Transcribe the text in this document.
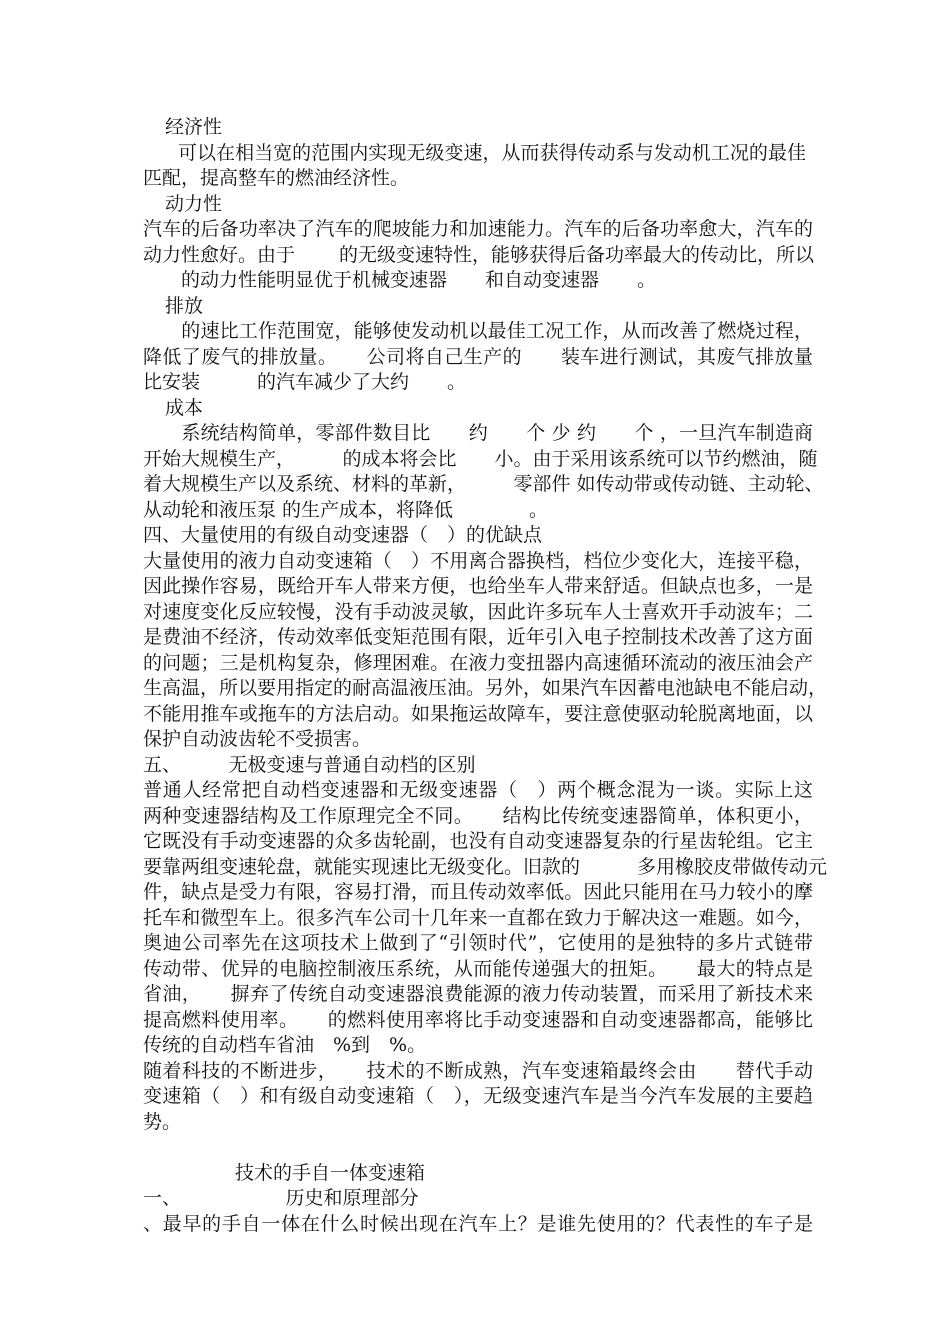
经济性
可以在相当宽的范围内实现无级变速，从而获得传动系与发动机工况的最佳
匹配，提高整车的燃油经济性。
动力性
汽车的后备功率决了汽车的爬坡能力和加速能力。汽车的后备功率愈大，汽车的
动力性愈好。由于 　　的无级变速特性，能够获得后备功率最大的传动比，所以
　　的动力性能明显优于机械变速器　　和自动变速器　　。
排放
　　的速比工作范围宽，能够使发动机以最佳工况工作，从而改善了燃烧过程，
降低了废气的排放量。　　公司将自己生产的　　装车进行测试，其废气排放量
比安装　　　的汽车减少了大约　　。
成本
　　系统结构简单，零部件数目比　　约　　个 少 约　　个 ，一旦汽车制造商
开始大规模生产，　　　的成本将会比　　小。由于采用该系统可以节约燃油，随
着大规模生产以及系统、材料的革新，　　　零部件 如传动带或传动链、主动轮、
从动轮和液压泵 的生产成本，将降低　　　　。
四、大量使用的有级自动变速器（　）的优缺点
大量使用的液力自动变速箱（　）不用离合器换档，档位少变化大，连接平稳，
因此操作容易，既给开车人带来方便，也给坐车人带来舒适。但缺点也多，一是
对速度变化反应较慢，没有手动波灵敏，因此许多玩车人士喜欢开手动波车；二
是费油不经济，传动效率低变矩范围有限，近年引入电子控制技术改善了这方面
的问题；三是机构复杂，修理困难。在液力变扭器内高速循环流动的液压油会产
生高温，所以要用指定的耐高温液压油。另外，如果汽车因蓄电池缺电不能启动，
不能用推车或拖车的方法启动。如果拖运故障车，要注意使驱动轮脱离地面，以
保护自动波齿轮不受损害。
五、　　　无极变速与普通自动档的区别
普通人经常把自动档变速器和无级变速器（　）两个概念混为一谈。实际上这
两种变速器结构及工作原理完全不同。　　结构比传统变速器简单，体积更小，
它既没有手动变速器的众多齿轮副，也没有自动变速器复杂的行星齿轮组。它主
要靠两组变速轮盘，就能实现速比无级变化。旧款的　　　多用橡胶皮带做传动元
件，缺点是受力有限，容易打滑，而且传动效率低。因此只能用在马力较小的摩
托车和微型车上。很多汽车公司十几年来一直都在致力于解决这一难题。如今，
奥迪公司率先在这项技术上做到了“引领时代”，它使用的是独特的多片式链带
传动带、优异的电脑控制液压系统，从而能传递强大的扭矩。　　最大的特点是
省油，　　摒弃了传统自动变速器浪费能源的液力传动装置，而采用了新技术来
提高燃料使用率。　　的燃料使用率将比手动变速器和自动变速器都高，能够比
传统的自动档车省油　%到　%。
随着科技的不断进步，　　技术的不断成熟，汽车变速箱最终会由　　替代手动
变速箱（　）和有级自动变速箱（　），无级变速汽车是当今汽车发展的主要趋
势。
技术的手自一体变速箱
一、　　　　　　历史和原理部分
、最早的手自一体在什么时候出现在汽车上？是谁先使用的？代表性的车子是
